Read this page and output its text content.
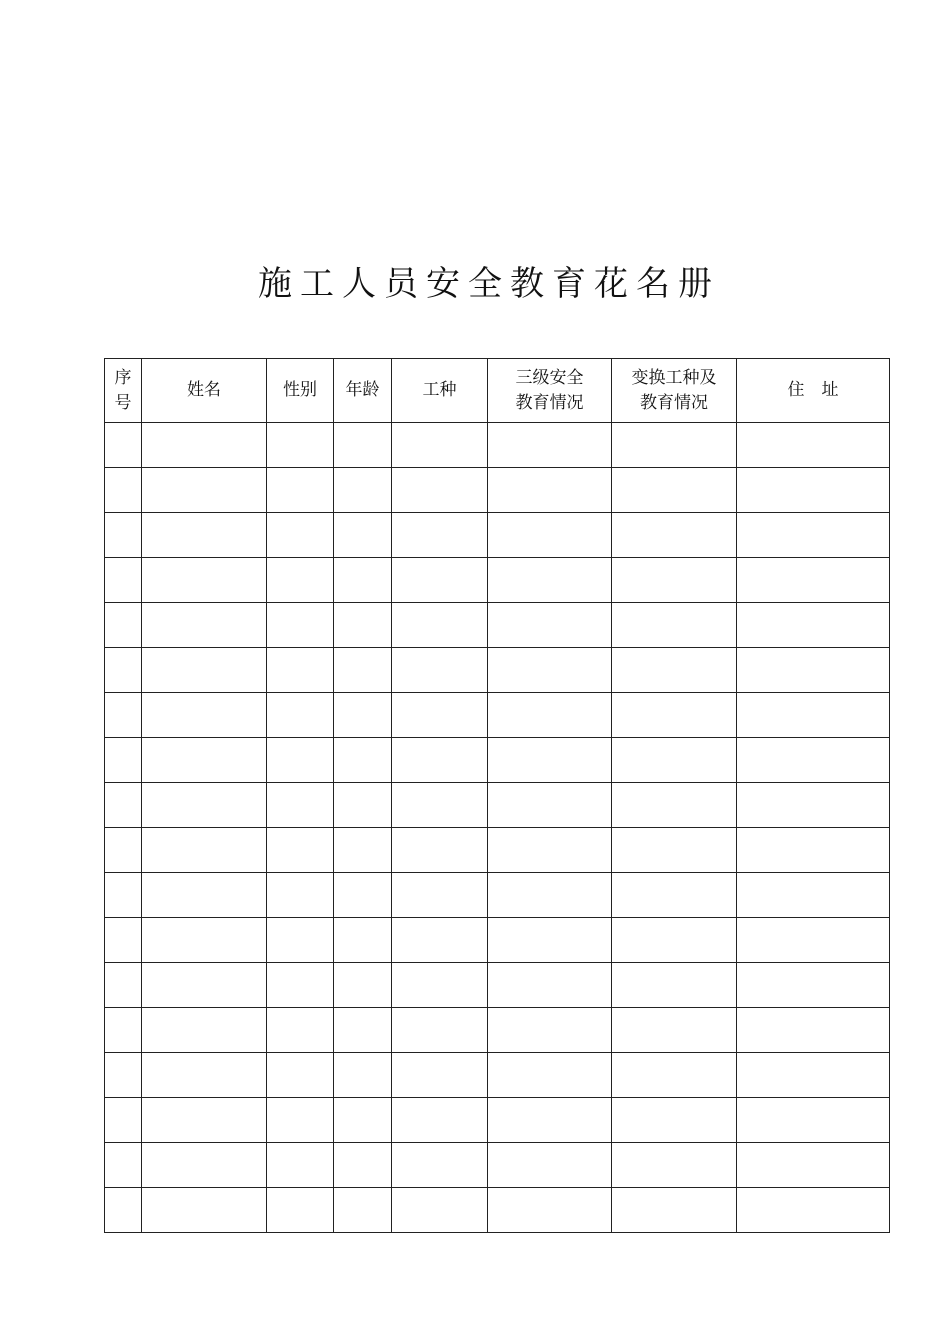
施工人员安全教育花名册
序号	姓名	性别	年龄	工种	三级安全教育情况	变换工种及教育情况	住　址
